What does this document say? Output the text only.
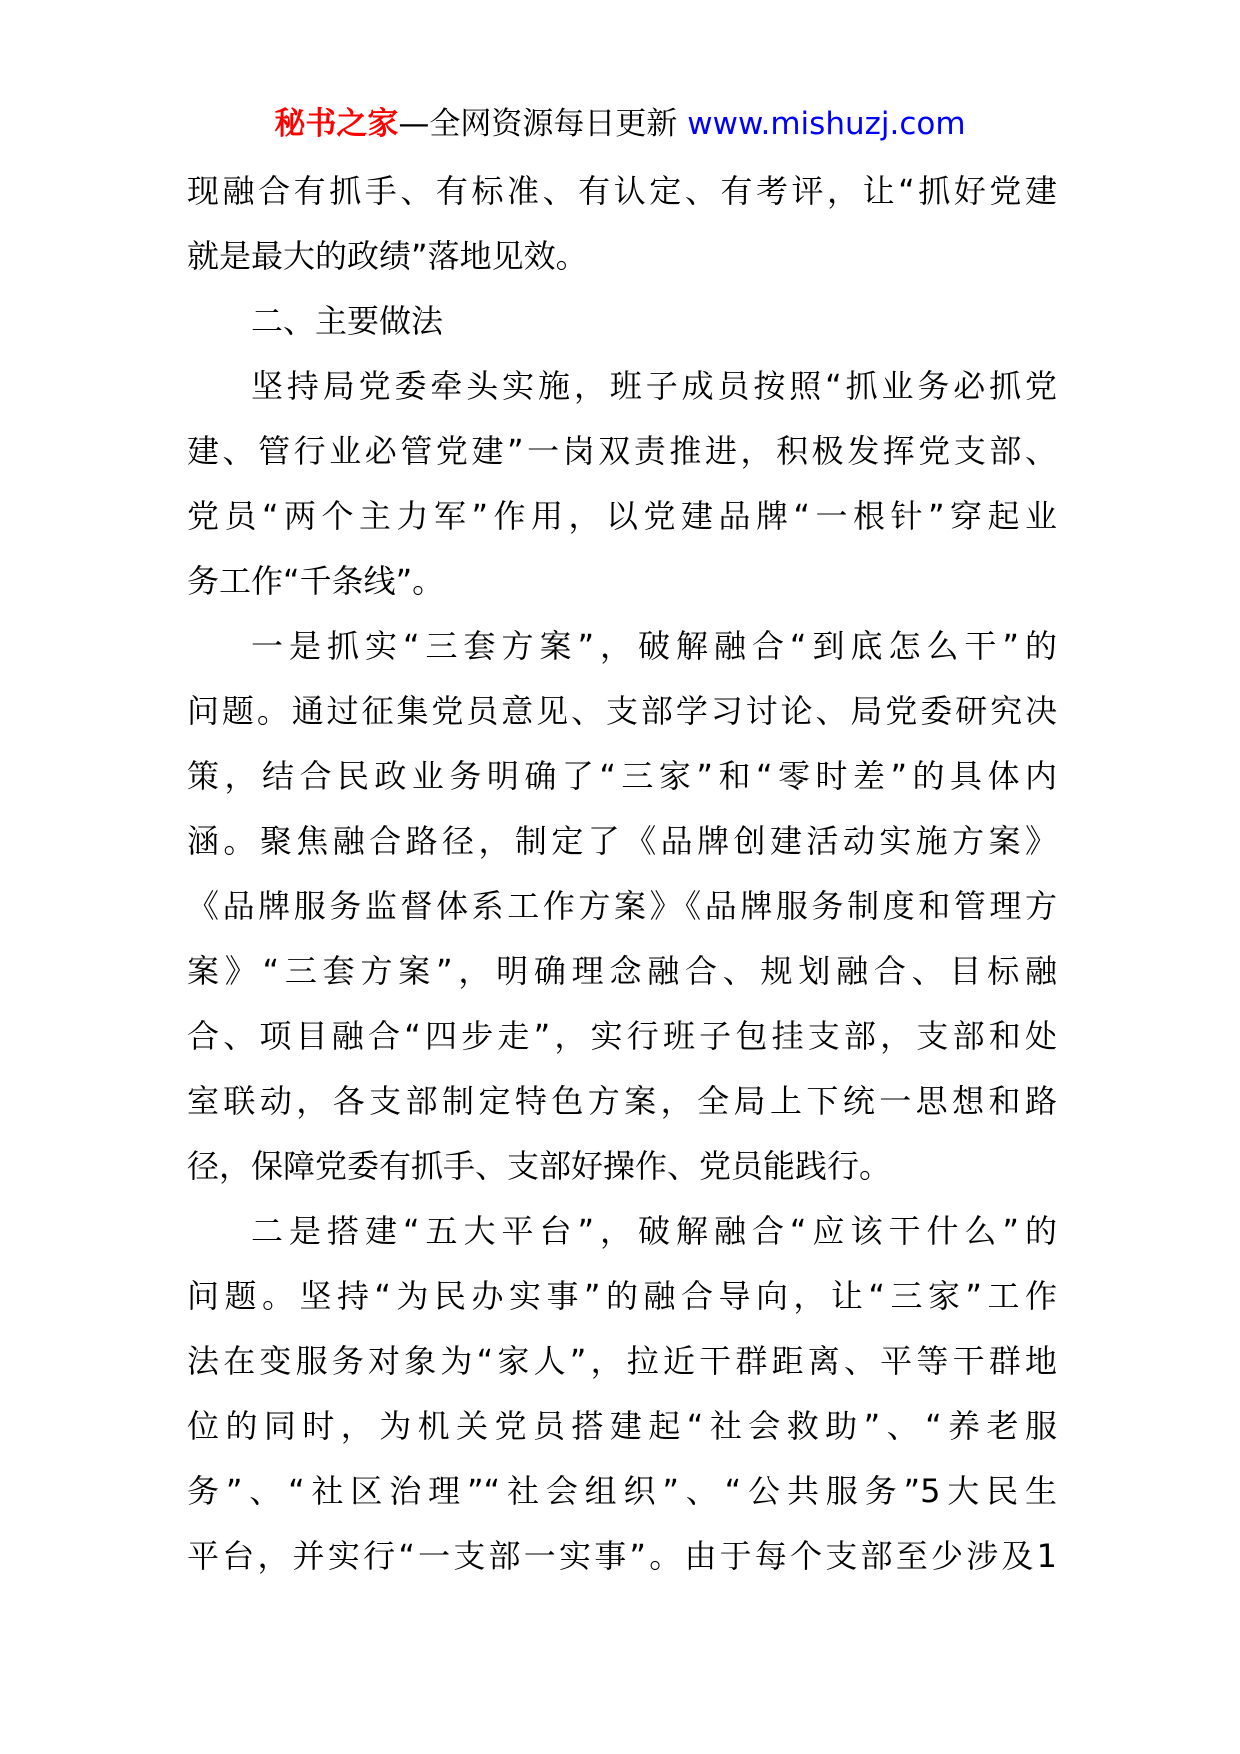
秘书之家—全网资源每日更新 www.mishuzj.com
现融合有抓手、有标准、有认定、有考评，让“抓好党建
就是最大的政绩”落地见效。
二、主要做法
坚持局党委牵头实施，班子成员按照“抓业务必抓党
建、管行业必管党建”一岗双责推进，积极发挥党支部、
党员“两个主力军”作用，以党建品牌“一根针”穿起业
务工作“千条线”。
一是抓实“三套方案”，破解融合“到底怎么干”的
问题。通过征集党员意见、支部学习讨论、局党委研究决
策，结合民政业务明确了“三家”和“零时差”的具体内
涵。聚焦融合路径，制定了《品牌创建活动实施方案》
《品牌服务监督体系工作方案》《品牌服务制度和管理方
案》“三套方案”，明确理念融合、规划融合、目标融
合、项目融合“四步走”，实行班子包挂支部，支部和处
室联动，各支部制定特色方案，全局上下统一思想和路
径，保障党委有抓手、支部好操作、党员能践行。
二是搭建“五大平台”，破解融合“应该干什么”的
问题。坚持“为民办实事”的融合导向，让“三家”工作
法在变服务对象为“家人”，拉近干群距离、平等干群地
位的同时，为机关党员搭建起“社会救助”、“养老服
务”、“社区治理”“社会组织”、“公共服务”5大民生
平台，并实行“一支部一实事”。由于每个支部至少涉及1
